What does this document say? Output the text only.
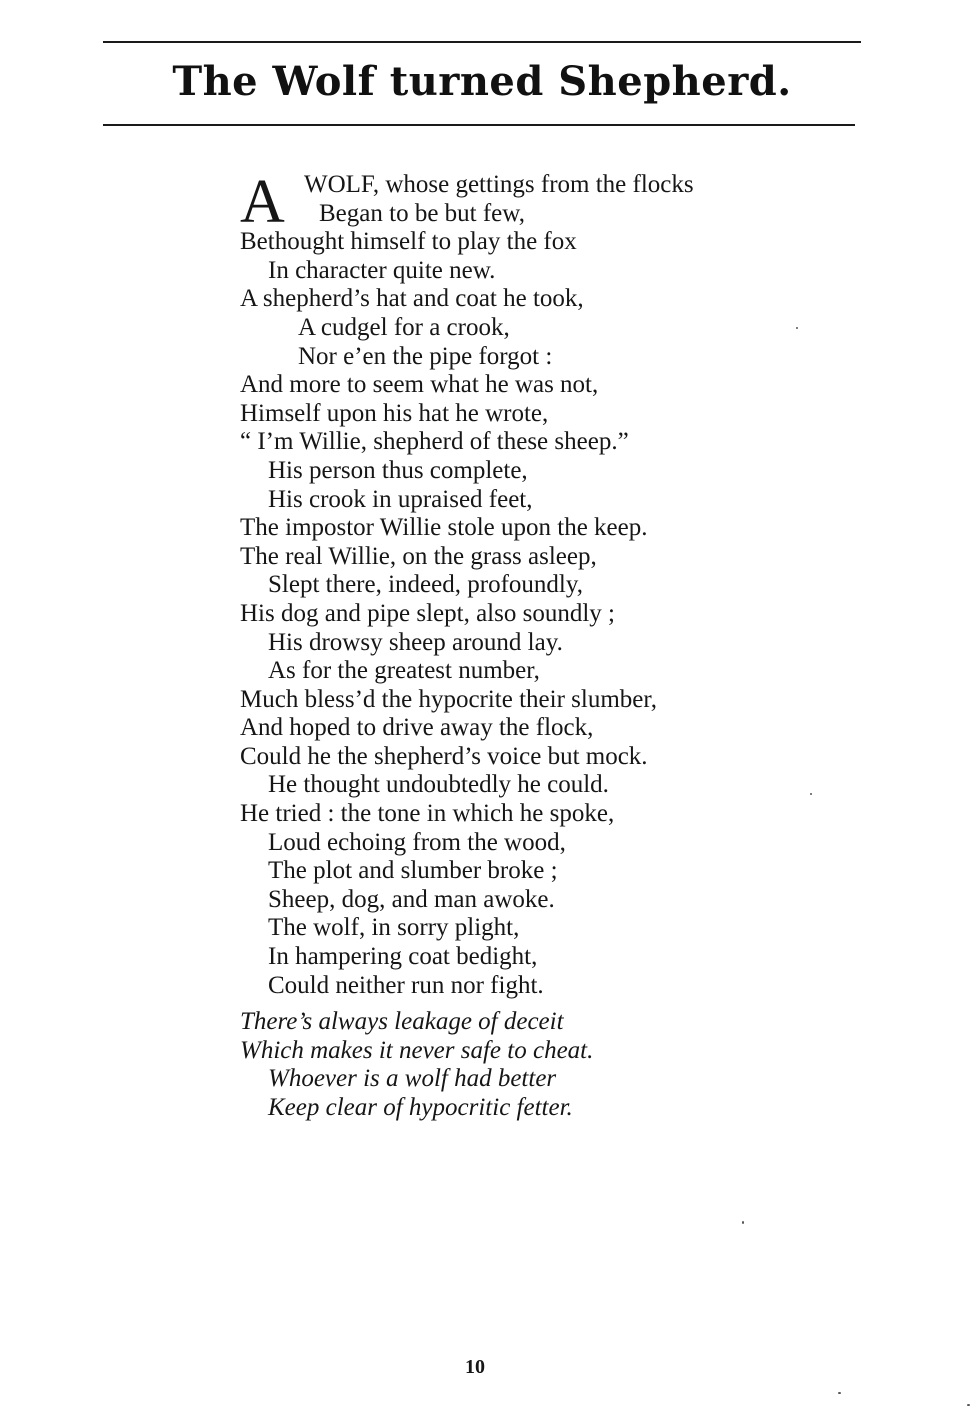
The Wolf turned Shepherd.
A WOLF, whose gettings from the flocks
Began to be but few,
Bethought himself to play the fox
In character quite new.
A shepherd’s hat and coat he took,
A cudgel for a crook,
Nor e’en the pipe forgot :
And more to seem what he was not,
Himself upon his hat he wrote,
“ I’m Willie, shepherd of these sheep.”
His person thus complete,
His crook in upraised feet,
The impostor Willie stole upon the keep.
The real Willie, on the grass asleep,
Slept there, indeed, profoundly,
His dog and pipe slept, also soundly ;
His drowsy sheep around lay.
As for the greatest number,
Much bless’d the hypocrite their slumber,
And hoped to drive away the flock,
Could he the shepherd’s voice but mock.
He thought undoubtedly he could.
He tried : the tone in which he spoke,
Loud echoing from the wood,
The plot and slumber broke ;
Sheep, dog, and man awoke.
The wolf, in sorry plight,
In hampering coat bedight,
Could neither run nor fight.
There’s always leakage of deceit
Which makes it never safe to cheat.
Whoever is a wolf had better
Keep clear of hypocritic fetter.
10
